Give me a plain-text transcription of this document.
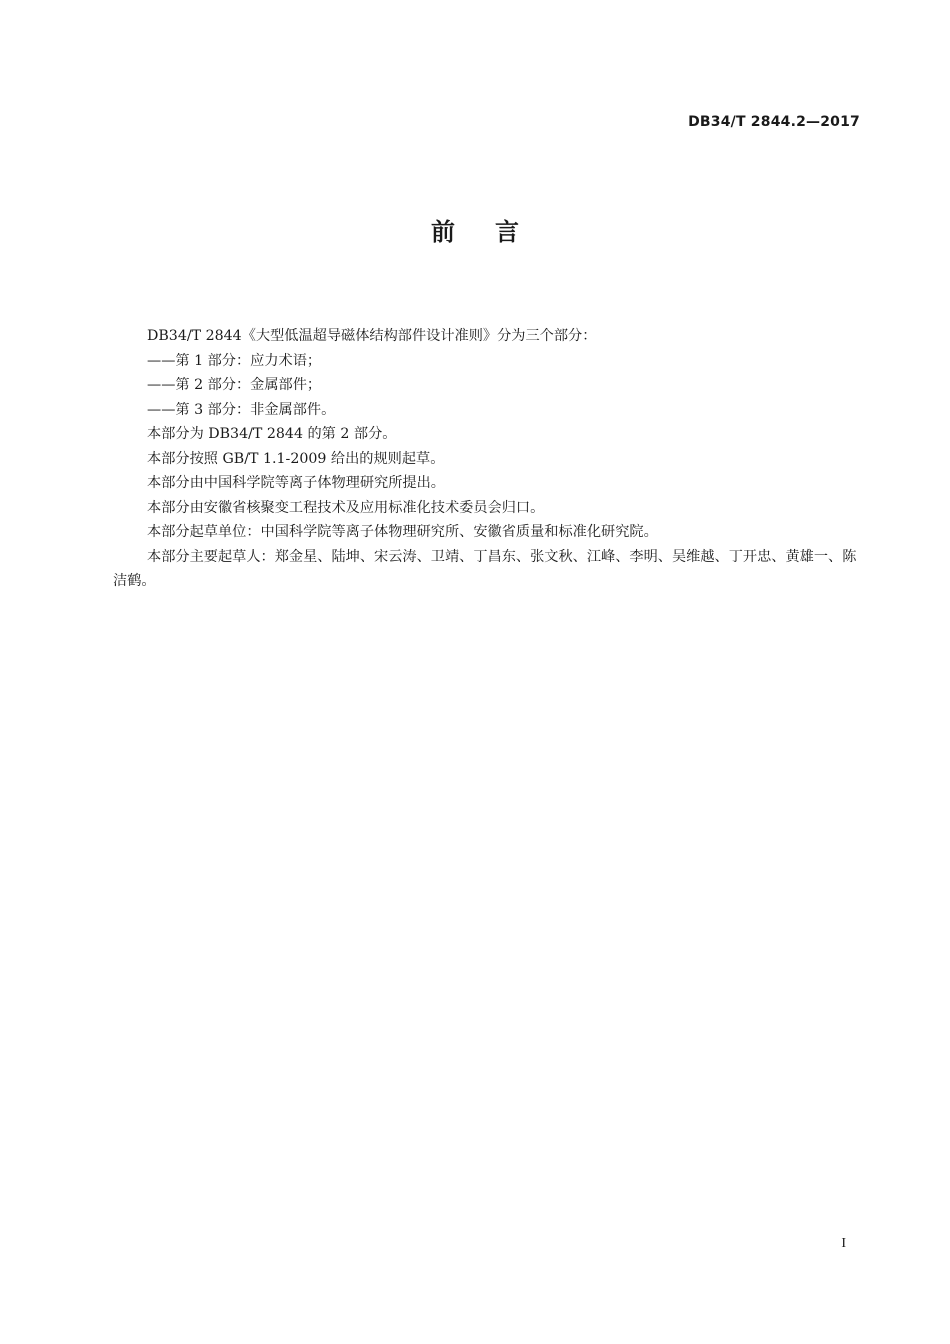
DB34/T 2844.2—2017
前言

DB34/T 2844《大型低温超导磁体结构部件设计准则》分为三个部分：

——第 1 部分：应力术语；

——第 2 部分：金属部件；

——第 3 部分：非金属部件。

本部分为 DB34/T 2844 的第 2 部分。

本部分按照 GB/T 1.1-2009 给出的规则起草。

本部分由中国科学院等离子体物理研究所提出。

本部分由安徽省核聚变工程技术及应用标准化技术委员会归口。

本部分起草单位：中国科学院等离子体物理研究所、安徽省质量和标准化研究院。

本部分主要起草人：郑金星、陆坤、宋云涛、卫靖、丁昌东、张文秋、江峰、李明、吴维越、丁开忠、黄雄一、陈洁鹤。

I
